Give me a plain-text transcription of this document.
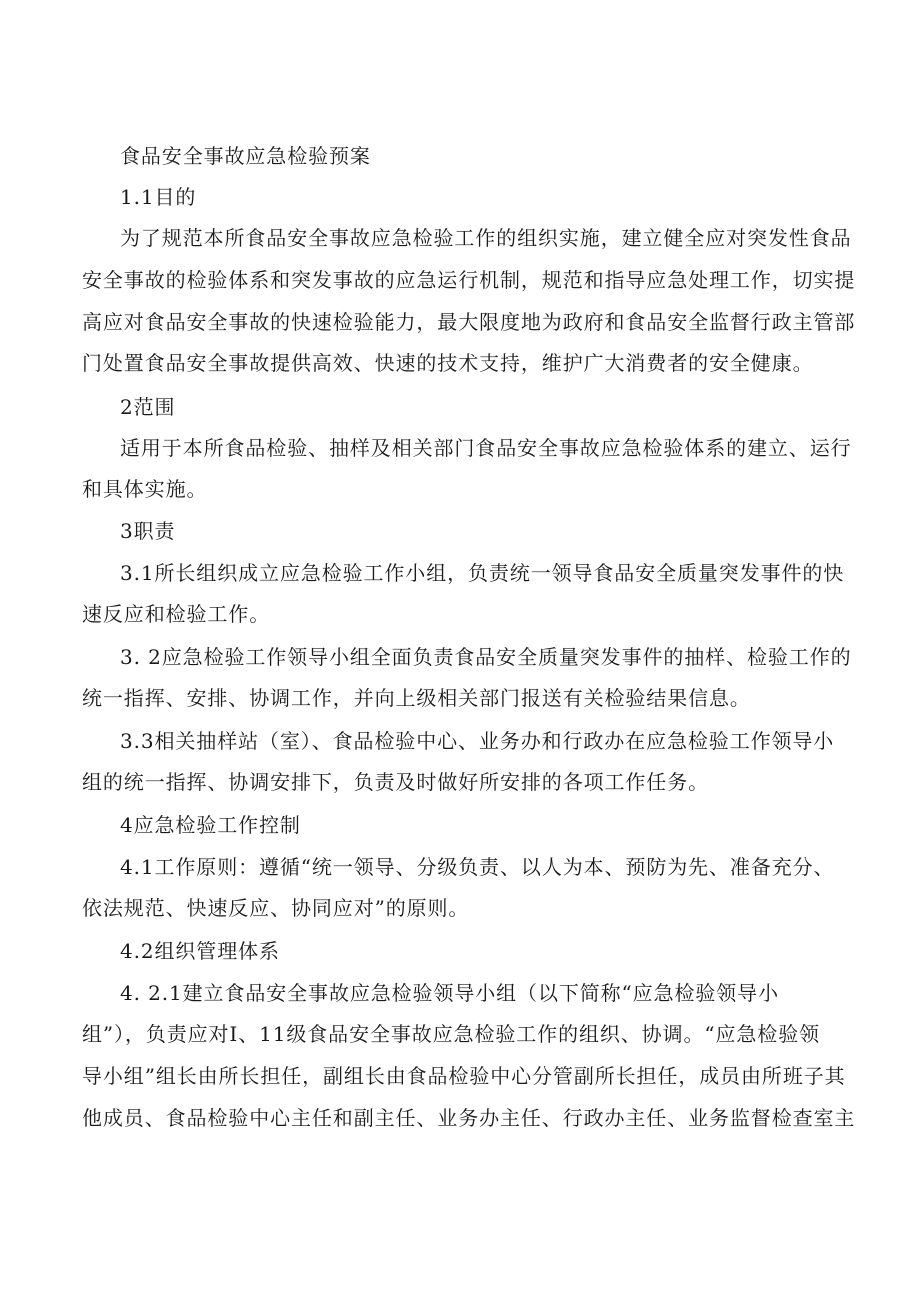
食品安全事故应急检验预案
1.1目的
为了规范本所食品安全事故应急检验工作的组织实施，建立健全应对突发性食品
安全事故的检验体系和突发事故的应急运行机制，规范和指导应急处理工作，切实提
高应对食品安全事故的快速检验能力，最大限度地为政府和食品安全监督行政主管部
门处置食品安全事故提供高效、快速的技术支持，维护广大消费者的安全健康。
2范围
适用于本所食品检验、抽样及相关部门食品安全事故应急检验体系的建立、运行
和具体实施。
3职责
3.1所长组织成立应急检验工作小组，负责统一领导食品安全质量突发事件的快
速反应和检验工作。
3. 2应急检验工作领导小组全面负责食品安全质量突发事件的抽样、检验工作的
统一指挥、安排、协调工作，并向上级相关部门报送有关检验结果信息。
3.3相关抽样站（室）、食品检验中心、业务办和行政办在应急检验工作领导小
组的统一指挥、协调安排下，负责及时做好所安排的各项工作任务。
4应急检验工作控制
4.1工作原则：遵循“统一领导、分级负责、以人为本、预防为先、准备充分、
依法规范、快速反应、协同应对”的原则。
4.2组织管理体系
4. 2.1建立食品安全事故应急检验领导小组（以下简称“应急检验领导小
组”），负责应对I、11级食品安全事故应急检验工作的组织、协调。“应急检验领
导小组”组长由所长担任，副组长由食品检验中心分管副所长担任，成员由所班子其
他成员、食品检验中心主任和副主任、业务办主任、行政办主任、业务监督检查室主
